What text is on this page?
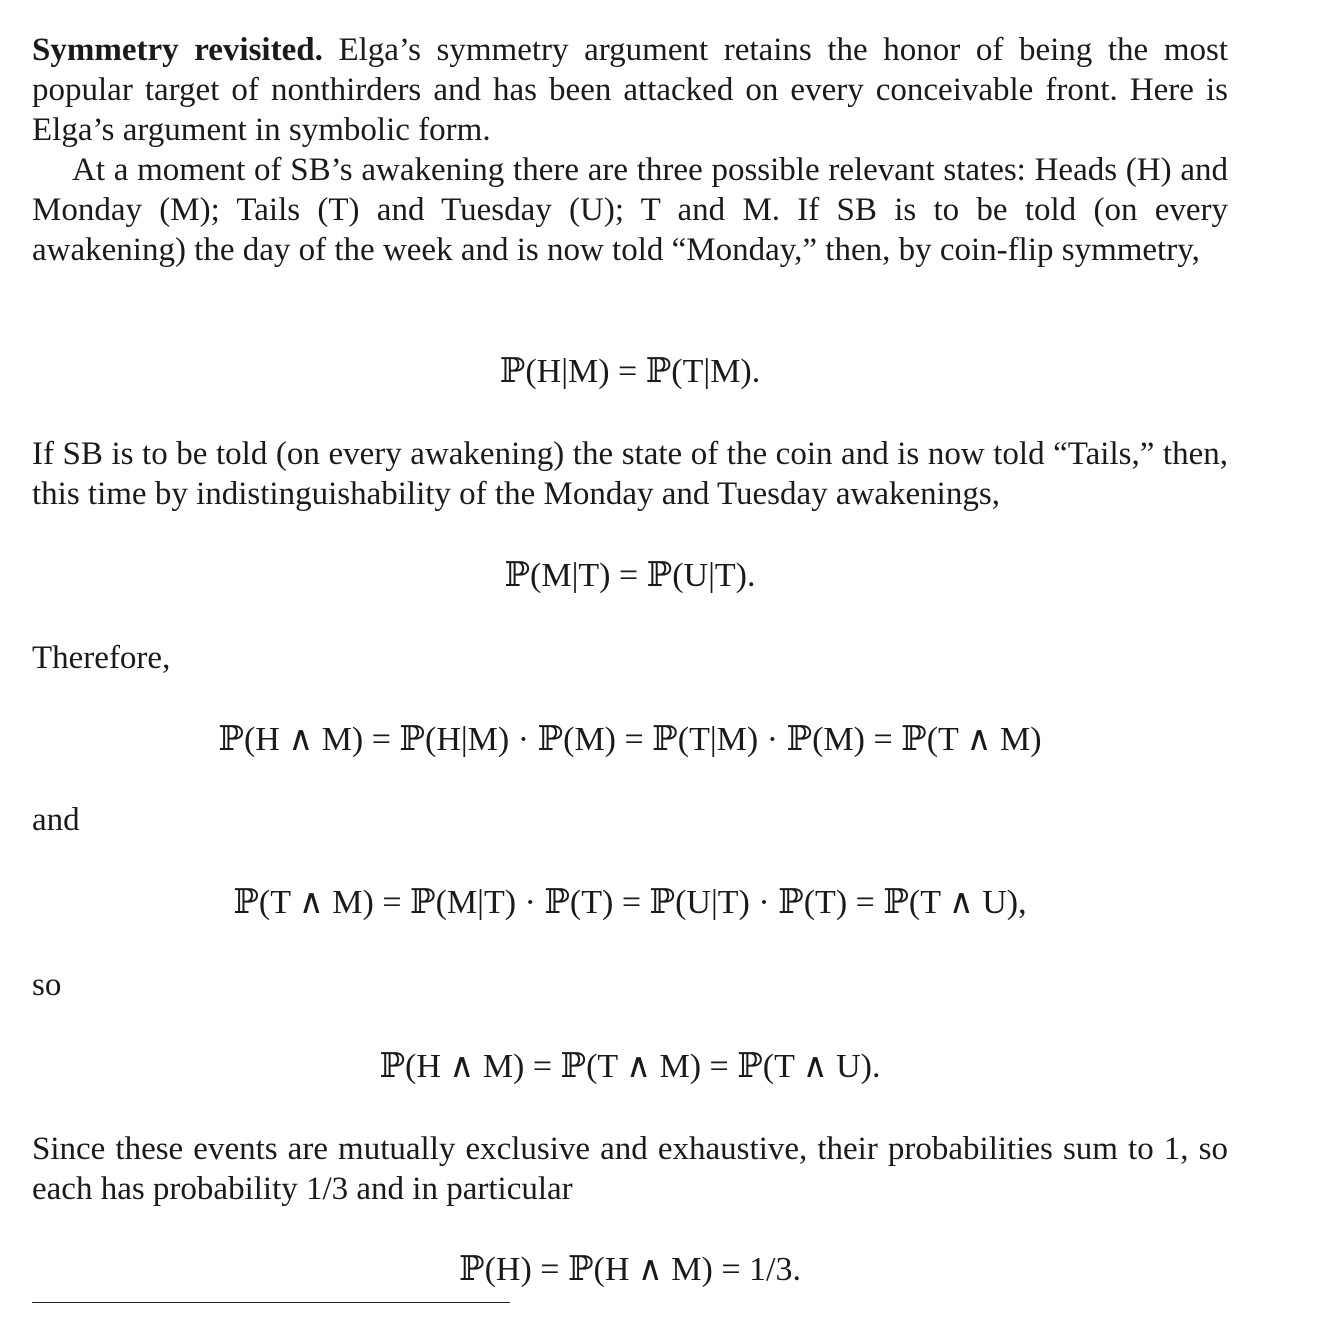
Symmetry revisited. Elga’s symmetry argument retains the honor of being the most popular target of nonthirders and has been attacked on every conceivable front. Here is Elga’s argument in symbolic form.

At a moment of SB’s awakening there are three possible relevant states: Heads (H) and Monday (M); Tails (T) and Tuesday (U); T and M. If SB is to be told (on every awakening) the day of the week and is now told “Monday,” then, by coin-flip symmetry,

ℙ(H|M) = ℙ(T|M).

If SB is to be told (on every awakening) the state of the coin and is now told “Tails,” then, this time by indistinguishability of the Monday and Tuesday awakenings,

ℙ(M|T) = ℙ(U|T).

Therefore,

ℙ(H ∧ M) = ℙ(H|M) · ℙ(M) = ℙ(T|M) · ℙ(M) = ℙ(T ∧ M)

and

ℙ(T ∧ M) = ℙ(M|T) · ℙ(T) = ℙ(U|T) · ℙ(T) = ℙ(T ∧ U),

so

ℙ(H ∧ M) = ℙ(T ∧ M) = ℙ(T ∧ U).

Since these events are mutually exclusive and exhaustive, their probabilities sum to 1, so each has probability 1/3 and in particular

ℙ(H) = ℙ(H ∧ M) = 1/3.
